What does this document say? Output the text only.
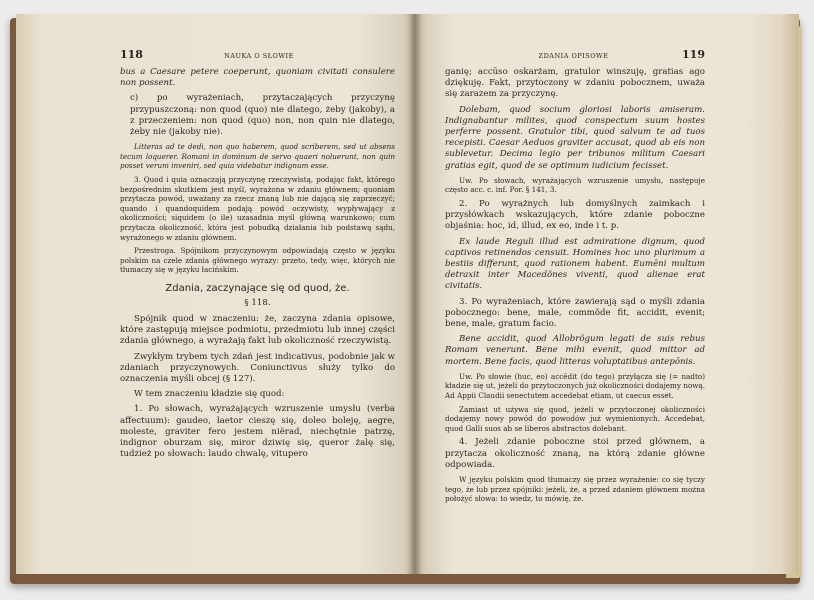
118	NAUKA O SŁOWIE

bus a Caesare petere coeperunt, quoniam civitati consulere non possent.

c) po wyrażeniach, przytaczających przyczynę przypuszczoną: non quod (quo) nie dlatego, żeby (jakoby), a z przeczeniem: non quod (quo) non, non quin nie dlatego, żeby nie (jakoby nie).

Litteras ad te dedi, non quo haberem, quod scriberem, sed ut absens tecum loquerer. Romani in dominum de servo quaeri noluerunt, non quin posset verum inveniri, sed quia videbatur indignum esse.

3. Quod i quia oznaczają przyczynę rzeczywistą, podając fakt, którego bezpośrednim skutkiem jest myśl, wyrażona w zdaniu głównem; quoniam przytacza powód, uważany za rzecz znaną lub nie dającą się zaprzeczyć; quando i quandoquidem podają powód oczywisty, wypływający z okoliczności; siquidem (o ile) uzasadnia myśl główną warunkowo; cum przytacza okoliczność, która jest pobudką działania lub podstawą sądu, wyrażonego w zdaniu głównem.

Przestroga. Spójnikom przyczynowym odpowiadają często w języku polskim na czele zdania głównego wyrazy: przeto, tedy, więc, których nie tłumaczy się w języku łacińskim.

Zdania, zaczynające się od quod, że.
§ 118.

Spójnik quod w znaczeniu: że, zaczyna zdania opisowe, które zastępują miejsce podmiotu, przedmiotu lub innej części zdania głównego, a wyrażają fakt lub okoliczność rzeczywistą.

Zwykłym trybem tych zdań jest indicativus, podobnie jak w zdaniach przyczynowych. Coniunctivus służy tylko do oznaczenia myśli obcej (§ 127).

W tem znaczeniu kładzie się quod:

1. Po słowach, wyrażających wzruszenie umysłu (verba affectuum): gaudeo, laetor cieszę się, doleo boleję, aegre, moleste, graviter fero jestem niërad, niechętnie patrzę, indignor oburzam się, miror dziwię się, queror żalę się, tudzież po słowach: laudo chwalę, vitupero

ZDANIA OPISOWE	119

ganię; accūso oskarżam, gratulor winszuję, gratias ago dziękuję. Fakt, przytoczony w zdaniu pobocznem, uważa się zarazem za przyczynę.

Dolebam, quod socium gloriosi laboris amiseram. Indignabantur milites, quod conspectum suum hostes perferre possent. Gratulor tibi, quod salvum te ad tuos recepisti. Caesar Aeduos graviter accusat, quod ab eis non sublevetur. Decima legio per tribunos militum Caesari gratias egit, quod de se optimum iudicium fecisset.

Uw. Po słowach, wyrażających wzruszenie umysłu, następuje często acc. c. inf. Por. § 141, 3.

2. Po wyrażnych lub domyślnych zaimkach i przysłówkach wskazujących, które zdanie poboczne objaśnia: hoc, id, illud, ex eo, inde i t. p.

Ex laude Reguli illud est admiratione dignum, quod captivos retinendos censuit. Homines hoc uno plurimum a bestiis differunt, quod rationem habent. Eumēni multum detraxit inter Macedŏnes viventi, quod alienae erat civitatis.

3. Po wyrażeniach, które zawierają sąd o myśli zdania pobocznego: bene, male, commŏde fit, accidit, evenit; bene, male, gratum facio.

Bene accidit, quod Allobrŏgum legati de suis rebus Romam venerunt. Bene mihi evenit, quod mittor ad mortem. Bene facis, quod litteras voluptatibus antepōnis.

Uw. Po słowie (huc, eo) accēdit (do tego) przyłącza się (= nadto) kładzie się ut, jeżeli do przytoczonych już okoliczności dodajemy nową. Ad Appii Claudii senectutem accedebat etiam, ut caecus esset.

Zamiast ut używa się quod, jeżeli w przytoczonej okoliczności dodajemy nowy powód do powodów już wymienionych. Accedebat, quod Galli suos ab se liberos abstractos dolebant.

4. Jeżeli zdanie poboczne stoi przed głównem, a przytacza okoliczność znaną, na którą zdanie główne odpowiada.

W języku polskim quod tłumaczy się przez wyrażenie: co się tyczy tego, że lub przez spójniki: jeżeli, że, a przed zdaniem głównem można położyć słowa: to wiedz, to mówię, że.
